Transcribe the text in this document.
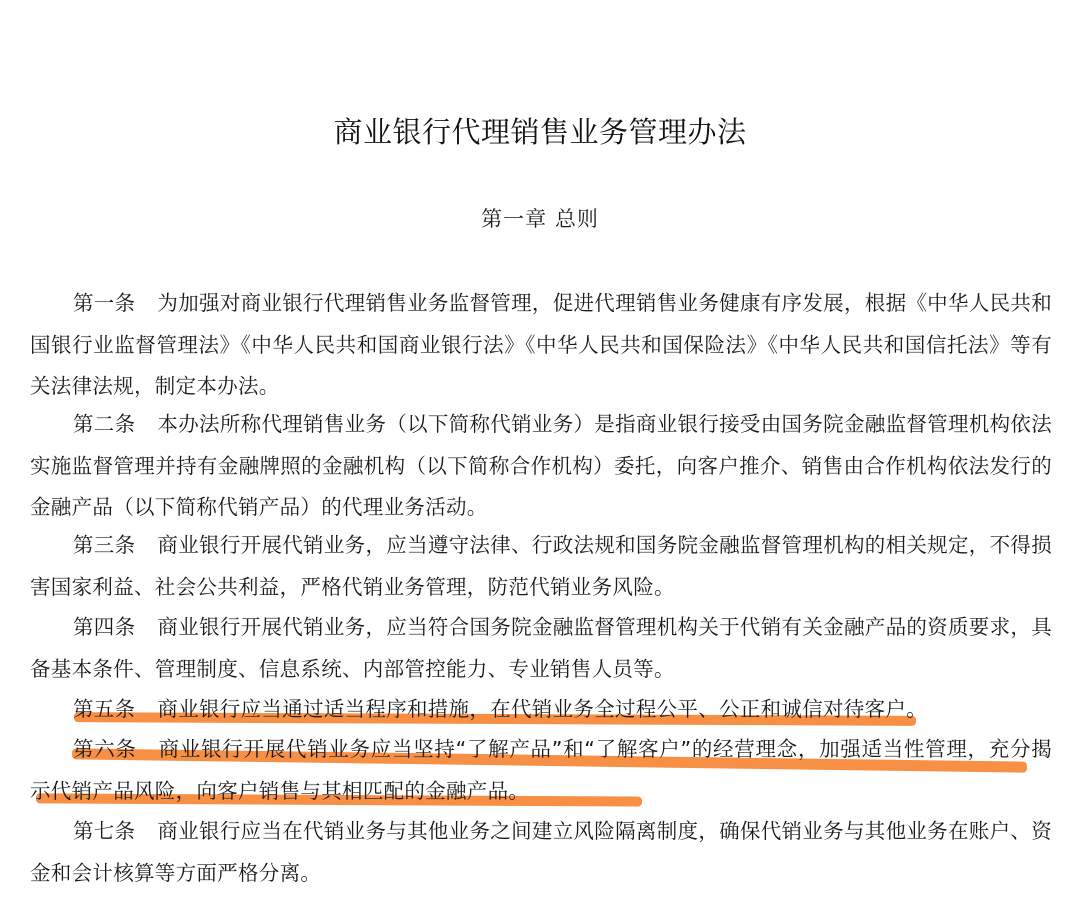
商业银行代理销售业务管理办法
第一章 总则

第一条 为加强对商业银行代理销售业务监督管理，促进代理销售业务健康有序发展，根据《中华人民共和国银行业监督管理法》《中华人民共和国商业银行法》《中华人民共和国保险法》《中华人民共和国信托法》等有关法律法规，制定本办法。

第二条 本办法所称代理销售业务（以下简称代销业务）是指商业银行接受由国务院金融监督管理机构依法实施监督管理并持有金融牌照的金融机构（以下简称合作机构）委托，向客户推介、销售由合作机构依法发行的金融产品（以下简称代销产品）的代理业务活动。

第三条 商业银行开展代销业务，应当遵守法律、行政法规和国务院金融监督管理机构的相关规定，不得损害国家利益、社会公共利益，严格代销业务管理，防范代销业务风险。

第四条 商业银行开展代销业务，应当符合国务院金融监督管理机构关于代销有关金融产品的资质要求，具备基本条件、管理制度、信息系统、内部管控能力、专业销售人员等。

第五条 商业银行应当通过适当程序和措施，在代销业务全过程公平、公正和诚信对待客户。

第六条 商业银行开展代销业务应当坚持“了解产品”和“了解客户”的经营理念，加强适当性管理，充分揭示代销产品风险，向客户销售与其相匹配的金融产品。

第七条 商业银行应当在代销业务与其他业务之间建立风险隔离制度，确保代销业务与其他业务在账户、资金和会计核算等方面严格分离。
